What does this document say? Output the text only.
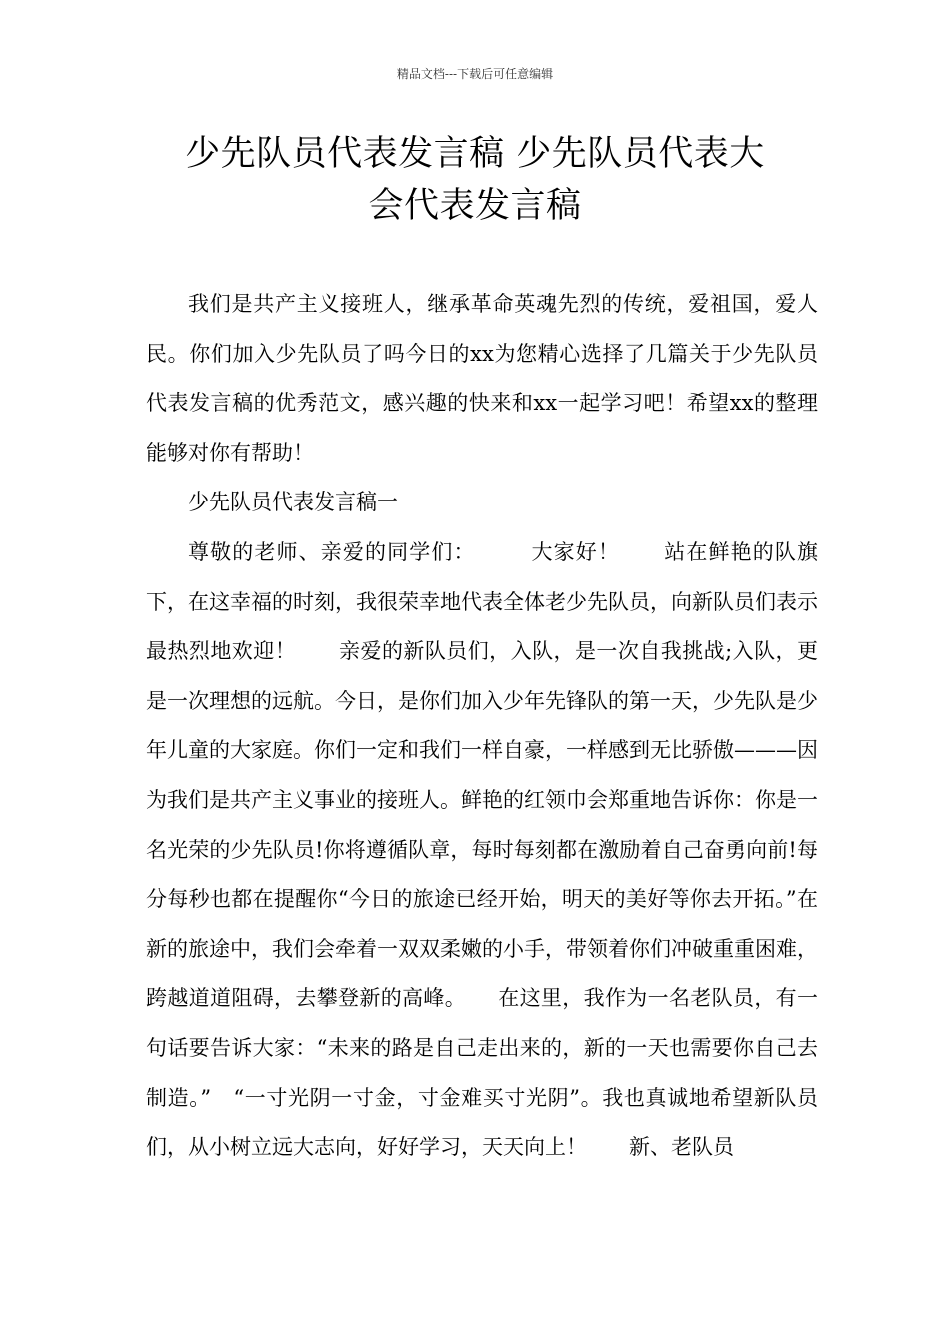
精品文档---下载后可任意编辑
少先队员代表发言稿 少先队员代表大
会代表发言稿

我们是共产主义接班人，继承革命英魂先烈的传统，爱祖国，爱人民。你们加入少先队员了吗今日的xx为您精心选择了几篇关于少先队员代表发言稿的优秀范文，感兴趣的快来和xx一起学习吧！希望xx的整理能够对你有帮助！

少先队员代表发言稿一

尊敬的老师、亲爱的同学们：　　　大家好！　　站在鲜艳的队旗下，在这幸福的时刻，我很荣幸地代表全体老少先队员，向新队员们表示最热烈地欢迎！　　亲爱的新队员们，入队，是一次自我挑战;入队，更是一次理想的远航。今日，是你们加入少年先锋队的第一天，少先队是少年儿童的大家庭。你们一定和我们一样自豪，一样感到无比骄傲———因为我们是共产主义事业的接班人。鲜艳的红领巾会郑重地告诉你：你是一名光荣的少先队员!你将遵循队章，每时每刻都在激励着自己奋勇向前!每分每秒也都在提醒你“今日的旅途已经开始，明天的美好等你去开拓。”在新的旅途中，我们会牵着一双双柔嫩的小手，带领着你们冲破重重困难，跨越道道阻碍，去攀登新的高峰。　　在这里，我作为一名老队员，有一句话要告诉大家：“未来的路是自己走出来的，新的一天也需要你自己去制造。”　“一寸光阴一寸金，寸金难买寸光阴”。我也真诚地希望新队员们，从小树立远大志向，好好学习，天天向上！　　新、老队员
